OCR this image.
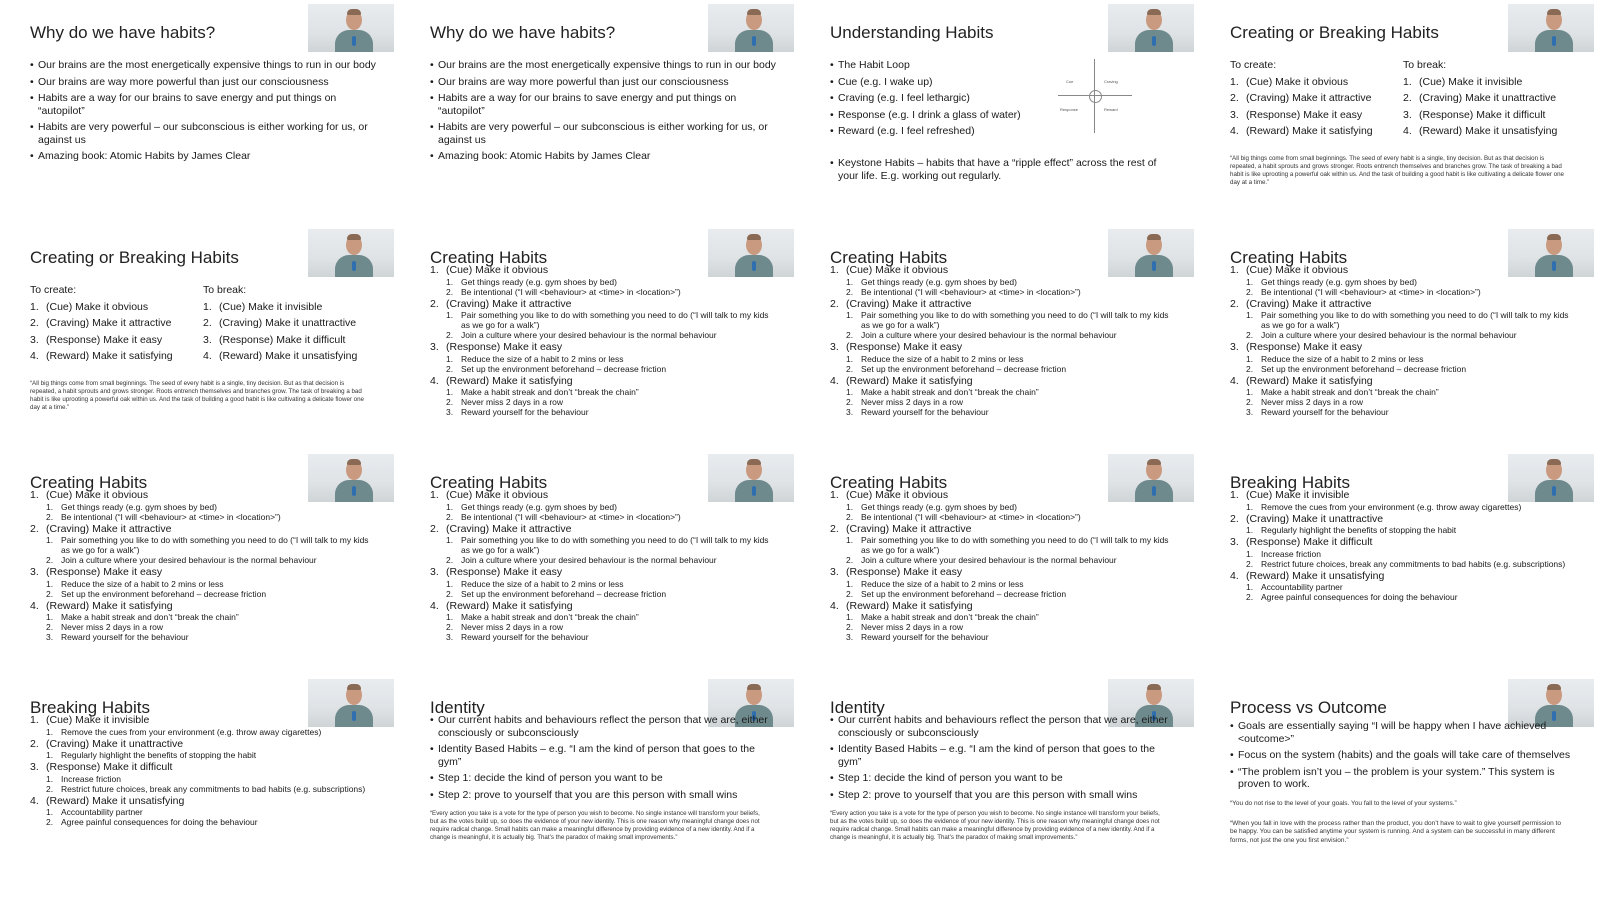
Why do we have habits?
• Our brains are the most energetically expensive things to run in our body
• Our brains are way more powerful than just our consciousness
• Habits are a way for our brains to save energy and put things on “autopilot”
• Habits are very powerful – our subconscious is either working for us, or against us
• Amazing book: Atomic Habits by James Clear
Why do we have habits?
• Our brains are the most energetically expensive things to run in our body
• Our brains are way more powerful than just our consciousness
• Habits are a way for our brains to save energy and put things on “autopilot”
• Habits are very powerful – our subconscious is either working for us, or against us
• Amazing book: Atomic Habits by James Clear
Understanding Habits
• The Habit Loop
• Cue (e.g. I wake up)
• Craving (e.g. I feel lethargic)
• Response (e.g. I drink a glass of water)
• Reward (e.g. I feel refreshed)
Cue	Craving
Response	Reward
• Keystone Habits – habits that have a “ripple effect” across the rest of your life. E.g. working out regularly.
Creating or Breaking Habits
To create:
1. (Cue) Make it obvious
2. (Craving) Make it attractive
3. (Response) Make it easy
4. (Reward) Make it satisfying
To break:
1. (Cue) Make it invisible
2. (Craving) Make it unattractive
3. (Response) Make it difficult
4. (Reward) Make it unsatisfying
“All big things come from small beginnings. The seed of every habit is a single, tiny decision. But as that decision is repeated, a habit sprouts and grows stronger. Roots entrench themselves and branches grow. The task of breaking a bad habit is like uprooting a powerful oak within us. And the task of building a good habit is like cultivating a delicate flower one day at a time.”
Creating or Breaking Habits
To create:
1. (Cue) Make it obvious
2. (Craving) Make it attractive
3. (Response) Make it easy
4. (Reward) Make it satisfying
To break:
1. (Cue) Make it invisible
2. (Craving) Make it unattractive
3. (Response) Make it difficult
4. (Reward) Make it unsatisfying
“All big things come from small beginnings. The seed of every habit is a single, tiny decision. But as that decision is repeated, a habit sprouts and grows stronger. Roots entrench themselves and branches grow. The task of breaking a bad habit is like uprooting a powerful oak within us. And the task of building a good habit is like cultivating a delicate flower one day at a time.”
Creating Habits
1. (Cue) Make it obvious
1. Get things ready (e.g. gym shoes by bed)
2. Be intentional (“I will <behaviour> at <time> in <location>”)
2. (Craving) Make it attractive
1. Pair something you like to do with something you need to do (“I will talk to my kids as we go for a walk”)
2. Join a culture where your desired behaviour is the normal behaviour
3. (Response) Make it easy
1. Reduce the size of a habit to 2 mins or less
2. Set up the environment beforehand – decrease friction
4. (Reward) Make it satisfying
1. Make a habit streak and don’t “break the chain”
2. Never miss 2 days in a row
3. Reward yourself for the behaviour
Creating Habits
1. (Cue) Make it obvious
1. Get things ready (e.g. gym shoes by bed)
2. Be intentional (“I will <behaviour> at <time> in <location>”)
2. (Craving) Make it attractive
1. Pair something you like to do with something you need to do (“I will talk to my kids as we go for a walk”)
2. Join a culture where your desired behaviour is the normal behaviour
3. (Response) Make it easy
1. Reduce the size of a habit to 2 mins or less
2. Set up the environment beforehand – decrease friction
4. (Reward) Make it satisfying
1. Make a habit streak and don’t “break the chain”
2. Never miss 2 days in a row
3. Reward yourself for the behaviour
Creating Habits
1. (Cue) Make it obvious
1. Get things ready (e.g. gym shoes by bed)
2. Be intentional (“I will <behaviour> at <time> in <location>”)
2. (Craving) Make it attractive
1. Pair something you like to do with something you need to do (“I will talk to my kids as we go for a walk”)
2. Join a culture where your desired behaviour is the normal behaviour
3. (Response) Make it easy
1. Reduce the size of a habit to 2 mins or less
2. Set up the environment beforehand – decrease friction
4. (Reward) Make it satisfying
1. Make a habit streak and don’t “break the chain”
2. Never miss 2 days in a row
3. Reward yourself for the behaviour
Creating Habits
1. (Cue) Make it obvious
1. Get things ready (e.g. gym shoes by bed)
2. Be intentional (“I will <behaviour> at <time> in <location>”)
2. (Craving) Make it attractive
1. Pair something you like to do with something you need to do (“I will talk to my kids as we go for a walk”)
2. Join a culture where your desired behaviour is the normal behaviour
3. (Response) Make it easy
1. Reduce the size of a habit to 2 mins or less
2. Set up the environment beforehand – decrease friction
4. (Reward) Make it satisfying
1. Make a habit streak and don’t “break the chain”
2. Never miss 2 days in a row
3. Reward yourself for the behaviour
Creating Habits
1. (Cue) Make it obvious
1. Get things ready (e.g. gym shoes by bed)
2. Be intentional (“I will <behaviour> at <time> in <location>”)
2. (Craving) Make it attractive
1. Pair something you like to do with something you need to do (“I will talk to my kids as we go for a walk”)
2. Join a culture where your desired behaviour is the normal behaviour
3. (Response) Make it easy
1. Reduce the size of a habit to 2 mins or less
2. Set up the environment beforehand – decrease friction
4. (Reward) Make it satisfying
1. Make a habit streak and don’t “break the chain”
2. Never miss 2 days in a row
3. Reward yourself for the behaviour
Creating Habits
1. (Cue) Make it obvious
1. Get things ready (e.g. gym shoes by bed)
2. Be intentional (“I will <behaviour> at <time> in <location>”)
2. (Craving) Make it attractive
1. Pair something you like to do with something you need to do (“I will talk to my kids as we go for a walk”)
2. Join a culture where your desired behaviour is the normal behaviour
3. (Response) Make it easy
1. Reduce the size of a habit to 2 mins or less
2. Set up the environment beforehand – decrease friction
4. (Reward) Make it satisfying
1. Make a habit streak and don’t “break the chain”
2. Never miss 2 days in a row
3. Reward yourself for the behaviour
Breaking Habits
1. (Cue) Make it invisible
1. Remove the cues from your environment (e.g. throw away cigarettes)
2. (Craving) Make it unattractive
1. Regularly highlight the benefits of stopping the habit
3. (Response) Make it difficult
1. Increase friction
2. Restrict future choices, break any commitments to bad habits (e.g. subscriptions)
4. (Reward) Make it unsatisfying
1. Accountability partner
2. Agree painful consequences for doing the behaviour
Breaking Habits
1. (Cue) Make it invisible
1. Remove the cues from your environment (e.g. throw away cigarettes)
2. (Craving) Make it unattractive
1. Regularly highlight the benefits of stopping the habit
3. (Response) Make it difficult
1. Increase friction
2. Restrict future choices, break any commitments to bad habits (e.g. subscriptions)
4. (Reward) Make it unsatisfying
1. Accountability partner
2. Agree painful consequences for doing the behaviour
Identity
• Our current habits and behaviours reflect the person that we are, either consciously or subconsciously
• Identity Based Habits – e.g. “I am the kind of person that goes to the gym”
• Step 1: decide the kind of person you want to be
• Step 2: prove to yourself that you are this person with small wins
“Every action you take is a vote for the type of person you wish to become. No single instance will transform your beliefs, but as the votes build up, so does the evidence of your new identity. This is one reason why meaningful change does not require radical change. Small habits can make a meaningful difference by providing evidence of a new identity. And if a change is meaningful, it is actually big. That’s the paradox of making small improvements.”
Identity
• Our current habits and behaviours reflect the person that we are, either consciously or subconsciously
• Identity Based Habits – e.g. “I am the kind of person that goes to the gym”
• Step 1: decide the kind of person you want to be
• Step 2: prove to yourself that you are this person with small wins
“Every action you take is a vote for the type of person you wish to become. No single instance will transform your beliefs, but as the votes build up, so does the evidence of your new identity. This is one reason why meaningful change does not require radical change. Small habits can make a meaningful difference by providing evidence of a new identity. And if a change is meaningful, it is actually big. That’s the paradox of making small improvements.”
Process vs Outcome
• Goals are essentially saying “I will be happy when I have achieved <outcome>”
• Focus on the system (habits) and the goals will take care of themselves
• “The problem isn’t you – the problem is your system.” This system is proven to work.
“You do not rise to the level of your goals. You fall to the level of your systems.”
“When you fall in love with the process rather than the product, you don’t have to wait to give yourself permission to be happy. You can be satisfied anytime your system is running. And a system can be successful in many different forms, not just the one you first envision.”
